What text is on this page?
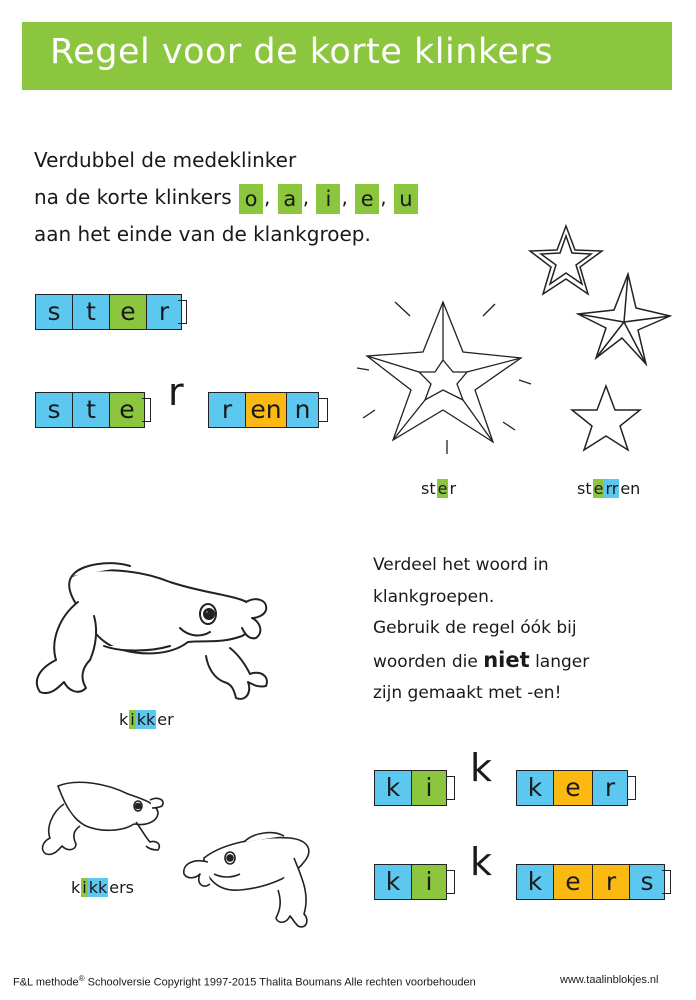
Regel voor de korte klinkers
Verdubbel de medeklinker
na de korte klinkers o , a , i , e , u
aan het einde van de klankgroep.
s	t e r
s	t e r	r en n
st e r	st e rr en
k i kk er
k i kk ers
Verdeel het woord in
klankgroepen.
Gebruik de regel óók bij
woorden die niet langer
zijn gemaakt met -en!
k	i k	k e r
k	i k	k e	r s
F&L methode® Schoolversie Copyright 1997-2015 Thalita Boumans Alle rechten voorbehouden	www.taalinblokjes.nl
